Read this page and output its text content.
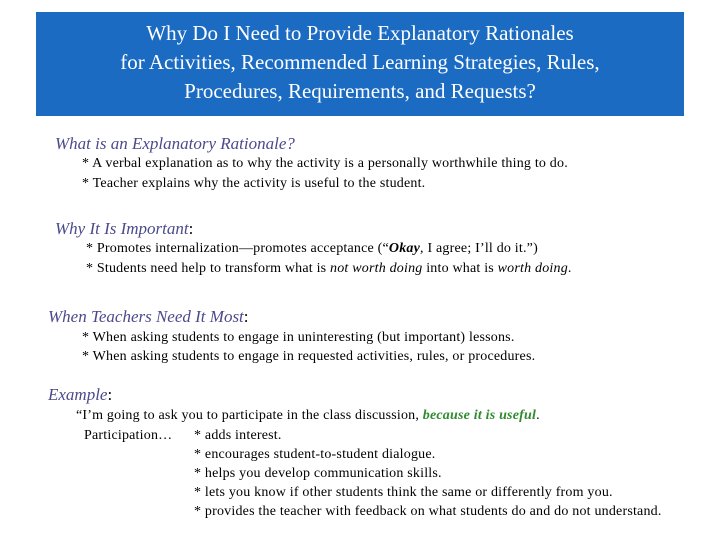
Why Do I Need to Provide Explanatory Rationales
for Activities, Recommended Learning Strategies, Rules,
Procedures, Requirements, and Requests?
What is an Explanatory Rationale?
* A verbal explanation as to why the activity is a personally worthwhile thing to do.
* Teacher explains why the activity is useful to the student.
Why It Is Important:
* Promotes internalization—promotes acceptance (“Okay, I agree; I’ll do it.”)
* Students need help to transform what is not worth doing into what is worth doing.
When Teachers Need It Most:
* When asking students to engage in uninteresting (but important) lessons.
* When asking students to engage in requested activities, rules, or procedures.
Example:
“I’m going to ask you to participate in the class discussion, because it is useful.
Participation… * adds interest.
* encourages student-to-student dialogue.
* helps you develop communication skills.
* lets you know if other students think the same or differently from you.
* provides the teacher with feedback on what students do and do not understand.
